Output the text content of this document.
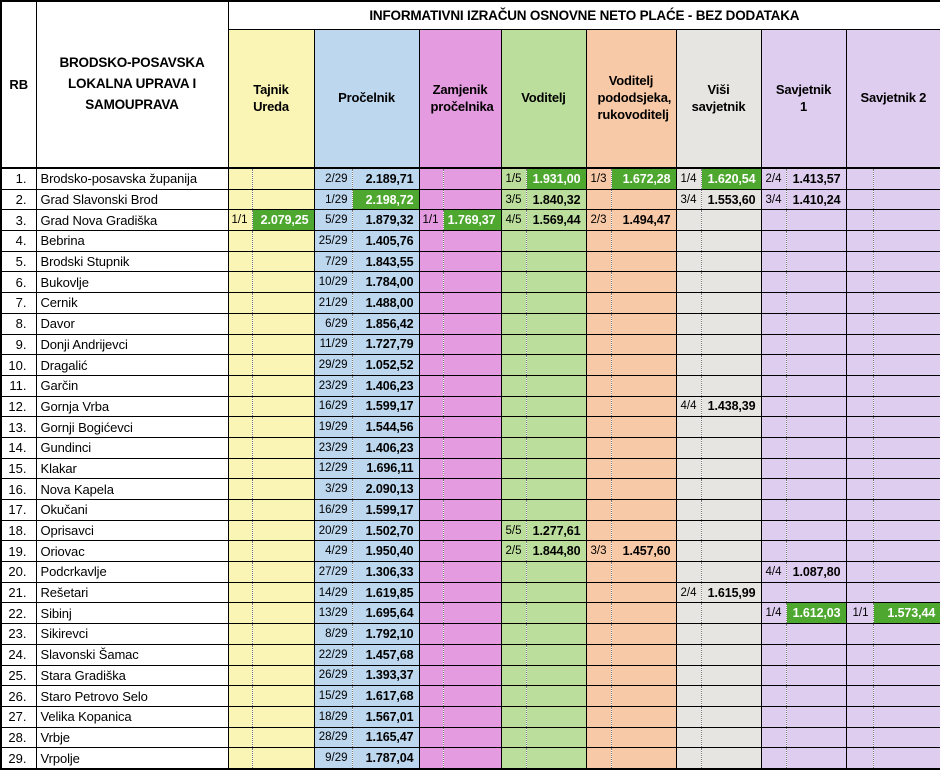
RB	BRODSKO-POSAVSKA LOKALNA UPRAVA I SAMOUPRAVA	INFORMATIVNI IZRAČUN OSNOVNE NETO PLAĆE - BEZ DODATAKA															
		Tajnik Ureda		Pročelnik		Zamjenik pročelnika		Voditelj		Voditelj pododsjeka, rukovoditelj		Viši savjetnik		Savjetnik 1		Savjetnik 2	
1.	Brodsko-posavska županija			2/29	2.189,71			1/5	1.931,00	1/3	1.672,28	1/4	1.620,54	2/4	1.413,57		
2.	Grad Slavonski Brod			1/29	2.198,72			3/5	1.840,32			3/4	1.553,60	3/4	1.410,24		
3.	Grad Nova Gradiška	1/1	2.079,25	5/29	1.879,32	1/1	1.769,37	4/5	1.569,44	2/3	1.494,47						
4.	Bebrina			25/29	1.405,76												
5.	Brodski Stupnik			7/29	1.843,55												
6.	Bukovlje			10/29	1.784,00												
7.	Cernik			21/29	1.488,00												
8.	Davor			6/29	1.856,42												
9.	Donji Andrijevci			11/29	1.727,79												
10.	Dragalić			29/29	1.052,52												
11.	Garčin			23/29	1.406,23												
12.	Gornja Vrba			16/29	1.599,17							4/4	1.438,39				
13.	Gornji Bogićevci			19/29	1.544,56												
14.	Gundinci			23/29	1.406,23												
15.	Klakar			12/29	1.696,11												
16.	Nova Kapela			3/29	2.090,13												
17.	Okučani			16/29	1.599,17												
18.	Oprisavci			20/29	1.502,70			5/5	1.277,61								
19.	Oriovac			4/29	1.950,40			2/5	1.844,80	3/3	1.457,60						
20.	Podcrkavlje			27/29	1.306,33									4/4	1.087,80		
21.	Rešetari			14/29	1.619,85							2/4	1.615,99				
22.	Sibinj			13/29	1.695,64									1/4	1.612,03	1/1	1.573,44
23.	Sikirevci			8/29	1.792,10												
24.	Slavonski Šamac			22/29	1.457,68												
25.	Stara Gradiška			26/29	1.393,37												
26.	Staro Petrovo Selo			15/29	1.617,68												
27.	Velika Kopanica			18/29	1.567,01												
28.	Vrbje			28/29	1.165,47												
29.	Vrpolje			9/29	1.787,04												
